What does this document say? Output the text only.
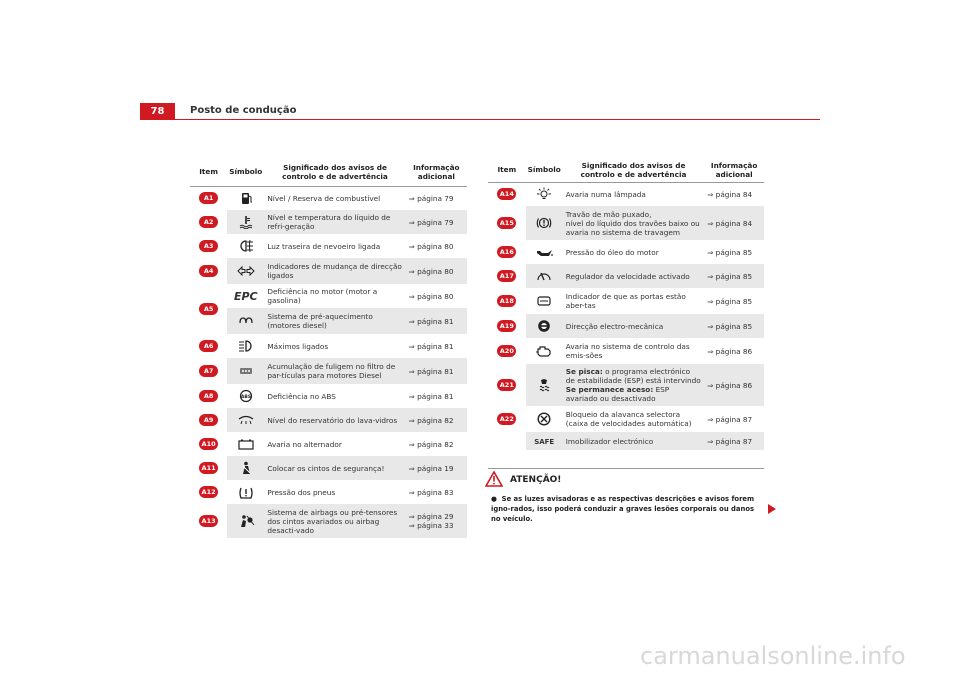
78	Posto de condução
Item	Símbolo	Significado dos avisos de controlo e de advertência	Informação adicional
A1		Nível / Reserva de combustível	⇒ página 79
A2		Nível e temperatura do líquido de refri-geração	⇒ página 79
A3		Luz traseira de nevoeiro ligada	⇒ página 80
A4		Indicadores de mudança de direcção ligados	⇒ página 80
A5	EPC	Deficiência no motor (motor a gasolina)	⇒ página 80
	Sistema de pré-aquecimento (motores diesel)	⇒ página 81
A6		Máximos ligados	⇒ página 81
A7		Acumulação de fuligem no filtro de par-tículas para motores Diesel	⇒ página 81
A8	ABS	Deficiência no ABS	⇒ página 81
A9		Nível do reservatório do lava-vidros	⇒ página 82
A10		Avaria no alternador	⇒ página 82
A11		Colocar os cintos de segurança!	⇒ página 19
A12		Pressão dos pneus	⇒ página 83
A13		Sistema de airbags ou pré-tensores dos cintos avariados ou airbag desacti-vado	⇒ página 29
⇒ página 33
Item	Símbolo	Significado dos avisos de controlo e de advertência	Informação adicional
A14		Avaria numa lâmpada	⇒ página 84
A15		Travão de mão puxado,
nível do líquido dos travões baixo ou avaria no sistema de travagem	⇒ página 84
A16		Pressão do óleo do motor	⇒ página 85
A17		Regulador da velocidade activado	⇒ página 85
A18		Indicador de que as portas estão aber-tas	⇒ página 85
A19		Direcção electro-mecânica	⇒ página 85
A20		Avaria no sistema de controlo das emis-sões	⇒ página 86
A21		Se pisca: o programa electrónico de estabilidade (ESP) está intervindo
Se permanece aceso: ESP avariado ou desactivado	⇒ página 86
A22		Bloqueio da alavanca selectora (caixa de velocidades automática)	⇒ página 87
	SAFE	Imobilizador electrónico	⇒ página 87
ATENÇÃO!
●  Se as luzes avisadoras e as respectivas descrições e avisos forem igno-rados, isso poderá conduzir a graves lesões corporais ou danos no veículo.
carmanualsonline.info
